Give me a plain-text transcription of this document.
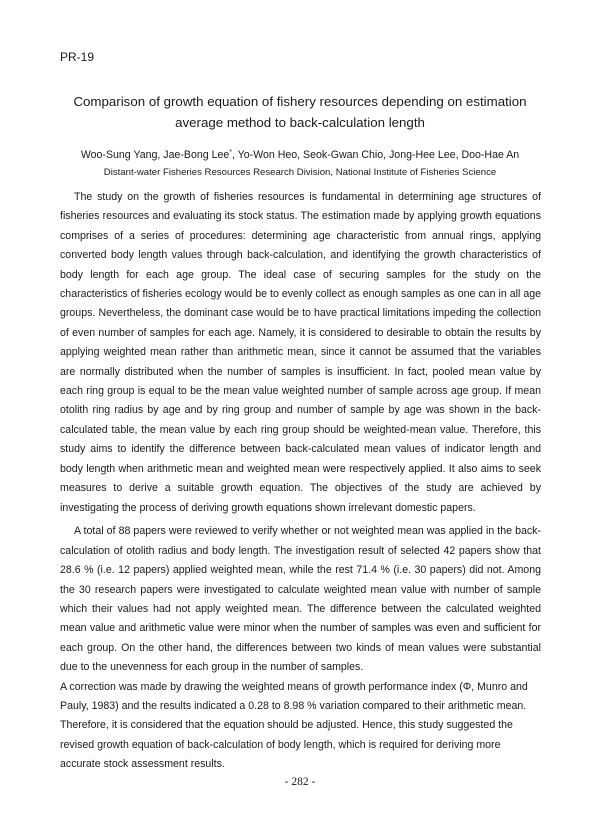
PR-19
Comparison of growth equation of fishery resources depending on estimation
average method to back-calculation length
Woo-Sung Yang, Jae-Bong Lee*, Yo-Won Heo, Seok-Gwan Chio, Jong-Hee Lee, Doo-Hae An
Distant-water Fisheries Resources Research Division, National Institute of Fisheries Science

The study on the growth of fisheries resources is fundamental in determining age structures of fisheries resources and evaluating its stock status. The estimation made by applying growth equations comprises of a series of procedures: determining age characteristic from annual rings, applying converted body length values through back-calculation, and identifying the growth characteristics of body length for each age group. The ideal case of securing samples for the study on the characteristics of fisheries ecology would be to evenly collect as enough samples as one can in all age groups. Nevertheless, the dominant case would be to have practical limitations impeding the collection of even number of samples for each age. Namely, it is considered to desirable to obtain the results by applying weighted mean rather than arithmetic mean, since it cannot be assumed that the variables are normally distributed when the number of samples is insufficient. In fact, pooled mean value by each ring group is equal to be the mean value weighted number of sample across age group. If mean otolith ring radius by age and by ring group and number of sample by age was shown in the back-calculated table, the mean value by each ring group should be weighted-mean value. Therefore, this study aims to identify the difference between back-calculated mean values of indicator length and body length when arithmetic mean and weighted mean were respectively applied. It also aims to seek measures to derive a suitable growth equation. The objectives of the study are achieved by investigating the process of deriving growth equations shown irrelevant domestic papers.

A total of 88 papers were reviewed to verify whether or not weighted mean was applied in the back-calculation of otolith radius and body length. The investigation result of selected 42 papers show that 28.6 % (i.e. 12 papers) applied weighted mean, while the rest 71.4 % (i.e. 30 papers) did not. Among the 30 research papers were investigated to calculate weighted mean value with number of sample which their values had not apply weighted mean. The difference between the calculated weighted mean value and arithmetic value were minor when the number of samples was even and sufficient for each group. On the other hand, the differences between two kinds of mean values were substantial due to the unevenness for each group in the number of samples.

A correction was made by drawing the weighted means of growth performance index (Φ, Munro and Pauly, 1983) and the results indicated a 0.28 to 8.98 % variation compared to their arithmetic mean. Therefore, it is considered that the equation should be adjusted. Hence, this study suggested the revised growth equation of back-calculation of body length, which is required for deriving more accurate stock assessment results.

- 282 -
